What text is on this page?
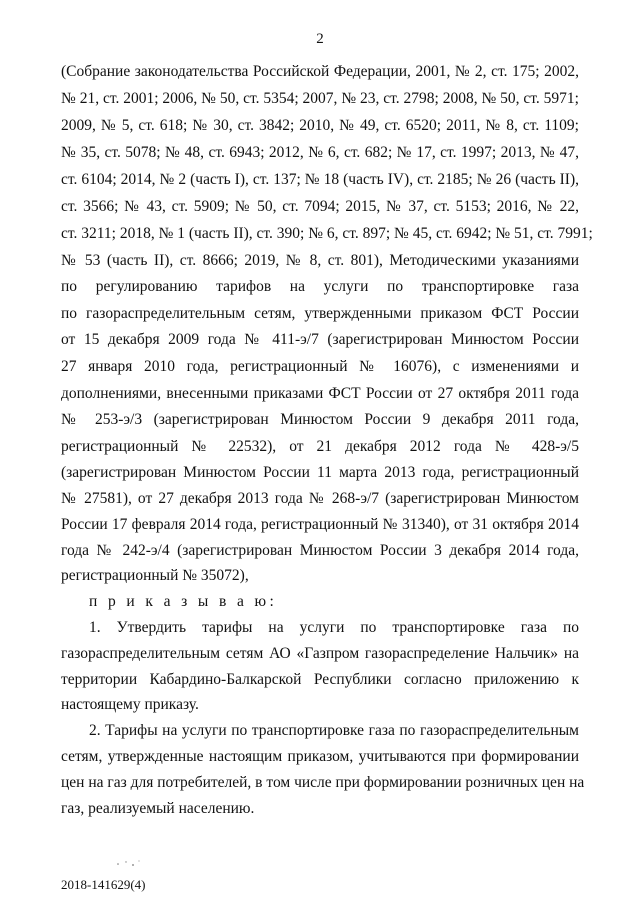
2
(Собрание законодательства Российской Федерации, 2001, № 2, ст. 175; 2002,
№ 21, ст. 2001; 2006, № 50, ст. 5354; 2007, № 23, ст. 2798; 2008, № 50, ст. 5971;
2009, № 5, ст. 618; № 30, ст. 3842; 2010, № 49, ст. 6520; 2011, № 8, ст. 1109;
№ 35, ст. 5078; № 48, ст. 6943; 2012, № 6, ст. 682; № 17, ст. 1997; 2013, № 47,
ст. 6104; 2014, № 2 (часть I), ст. 137; № 18 (часть IV), ст. 2185; № 26 (часть II),
ст. 3566; № 43, ст. 5909; № 50, ст. 7094; 2015, № 37, ст. 5153; 2016, № 22,
ст. 3211; 2018, № 1 (часть II), ст. 390; № 6, ст. 897; № 45, ст. 6942; № 51, ст. 7991;
№ 53 (часть II), ст. 8666; 2019, № 8, ст. 801), Методическими указаниями
по регулированию тарифов на услуги по транспортировке газа
по газораспределительным сетям, утвержденными приказом ФСТ России
от 15 декабря 2009 года № 411-э/7 (зарегистрирован Минюстом России
27 января 2010 года, регистрационный № 16076), с изменениями и
дополнениями, внесенными приказами ФСТ России от 27 октября 2011 года
№ 253-э/3 (зарегистрирован Минюстом России 9 декабря 2011 года,
регистрационный № 22532), от 21 декабря 2012 года № 428-э/5
(зарегистрирован Минюстом России 11 марта 2013 года, регистрационный
№ 27581), от 27 декабря 2013 года № 268-э/7 (зарегистрирован Минюстом
России 17 февраля 2014 года, регистрационный № 31340), от 31 октября 2014
года № 242-э/4 (зарегистрирован Минюстом России 3 декабря 2014 года,
регистрационный № 35072),
п р и к а з ы в а ю:
1. Утвердить тарифы на услуги по транспортировке газа по
газораспределительным сетям АО «Газпром газораспределение Нальчик» на
территории Кабардино-Балкарской Республики согласно приложению к
настоящему приказу.
2. Тарифы на услуги по транспортировке газа по газораспределительным
сетям, утвержденные настоящим приказом, учитываются при формировании
цен на газ для потребителей, в том числе при формировании розничных цен на
газ, реализуемый населению.
2018-141629(4)
